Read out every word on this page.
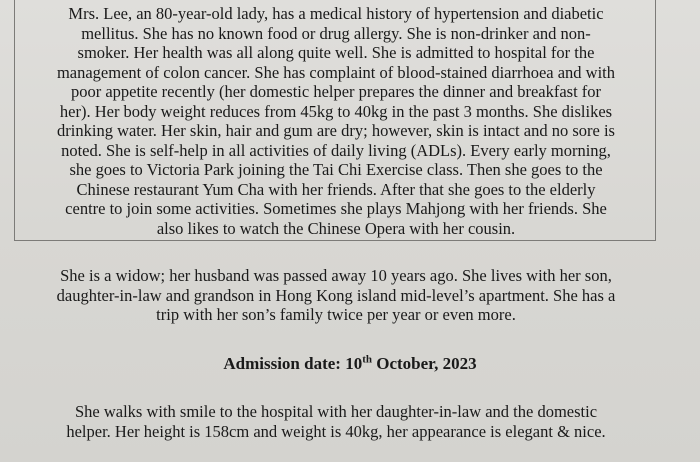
Mrs. Lee, an 80-year-old lady, has a medical history of hypertension and diabetic
mellitus. She has no known food or drug allergy. She is non-drinker and non-
smoker. Her health was all along quite well. She is admitted to hospital for the
management of colon cancer. She has complaint of blood-stained diarrhoea and with
poor appetite recently (her domestic helper prepares the dinner and breakfast for
her). Her body weight reduces from 45kg to 40kg in the past 3 months. She dislikes
drinking water. Her skin, hair and gum are dry; however, skin is intact and no sore is
noted. She is self-help in all activities of daily living (ADLs). Every early morning,
she goes to Victoria Park joining the Tai Chi Exercise class. Then she goes to the
Chinese restaurant Yum Cha with her friends. After that she goes to the elderly
centre to join some activities. Sometimes she plays Mahjong with her friends. She
also likes to watch the Chinese Opera with her cousin.

She is a widow; her husband was passed away 10 years ago. She lives with her son,
daughter-in-law and grandson in Hong Kong island mid-level’s apartment. She has a
trip with her son’s family twice per year or even more.

Admission date: 10th October, 2023

She walks with smile to the hospital with her daughter-in-law and the domestic
helper. Her height is 158cm and weight is 40kg, her appearance is elegant & nice.
